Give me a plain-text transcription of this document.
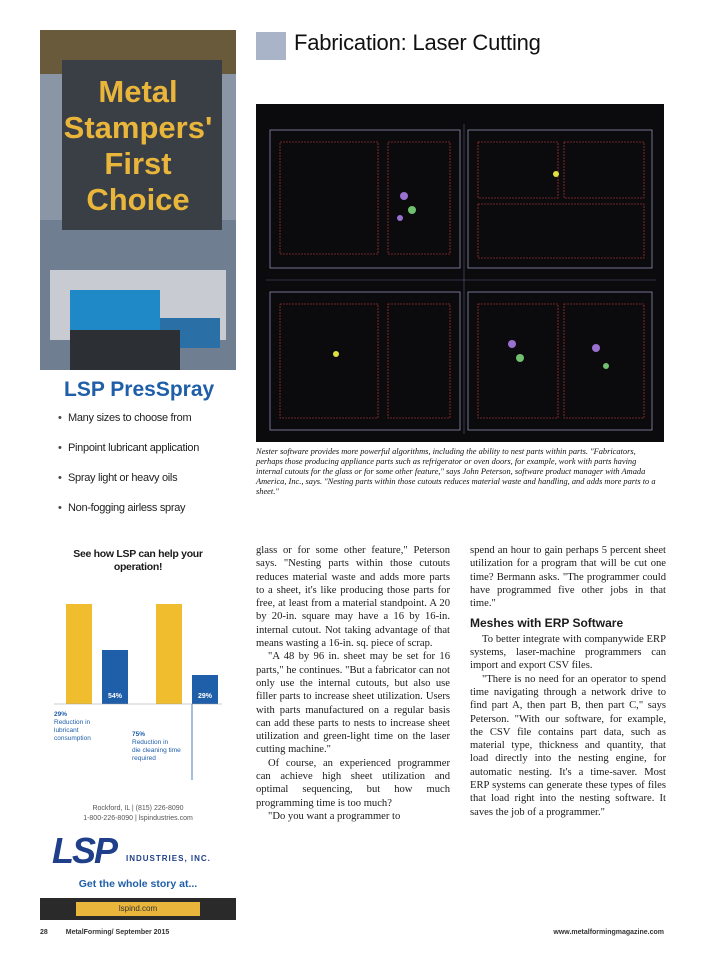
Metal
Stampers'
First
Choice
LSP PresSpray
• Many sizes to choose from
• Pinpoint lubricant application
• Spray light or heavy oils
• Non-fogging airless spray
See how LSP can help your
operation!
54%	29%
29%
Reduction in
lubricant
consumption
75%
Reduction in
die cleaning time
required
Rockford, IL | (815) 226-8090
1-800-226-8090 | lspindustries.com
LSP INDUSTRIES, INC.
Get the whole story at...
lspind.com
Fabrication: Laser Cutting
Nester software provides more powerful algorithms, including the ability to nest parts within parts. "Fabricators, perhaps those producing appliance parts such as refrigerator or oven doors, for example, work with parts having internal cutouts for the glass or for some other feature," says John Peterson, software product manager with Amada America, Inc., says. "Nesting parts within those cutouts reduces material waste and handling, and adds more parts to a sheet."

glass or for some other feature," Peterson says. "Nesting parts within those cutouts reduces material waste and adds more parts to a sheet, it's like producing those parts for free, at least from a material standpoint. A 20 by 20-in. square may have a 16 by 16-in. internal cutout. Not taking advantage of that means wasting a 16-in. sq. piece of scrap.

"A 48 by 96 in. sheet may be set for 16 parts," he continues. "But a fabricator can not only use the internal cutouts, but also use filler parts to increase sheet utilization. Users with parts manufactured on a regular basis can add these parts to nests to increase sheet utilization and green-light time on the laser cutting machine."

Of course, an experienced programmer can achieve high sheet utilization and optimal sequencing, but how much programming time is too much?

"Do you want a programmer to

spend an hour to gain perhaps 5 percent sheet utilization for a program that will be cut one time? Bermann asks. "The programmer could have programmed five other jobs in that time."

Meshes with ERP Software

To better integrate with companywide ERP systems, laser-machine programmers can import and export CSV files.

"There is no need for an operator to spend time navigating through a network drive to find part A, then part B, then part C," says Peterson. "With our software, for example, the CSV file contains part data, such as material type, thickness and quantity, that load directly into the nesting engine, for automatic nesting. It's a time-saver. Most ERP systems can generate these types of files that load right into the nesting software. It saves the job of a programmer."

28	MetalForming/ September 2015	www.metalformingmagazine.com
